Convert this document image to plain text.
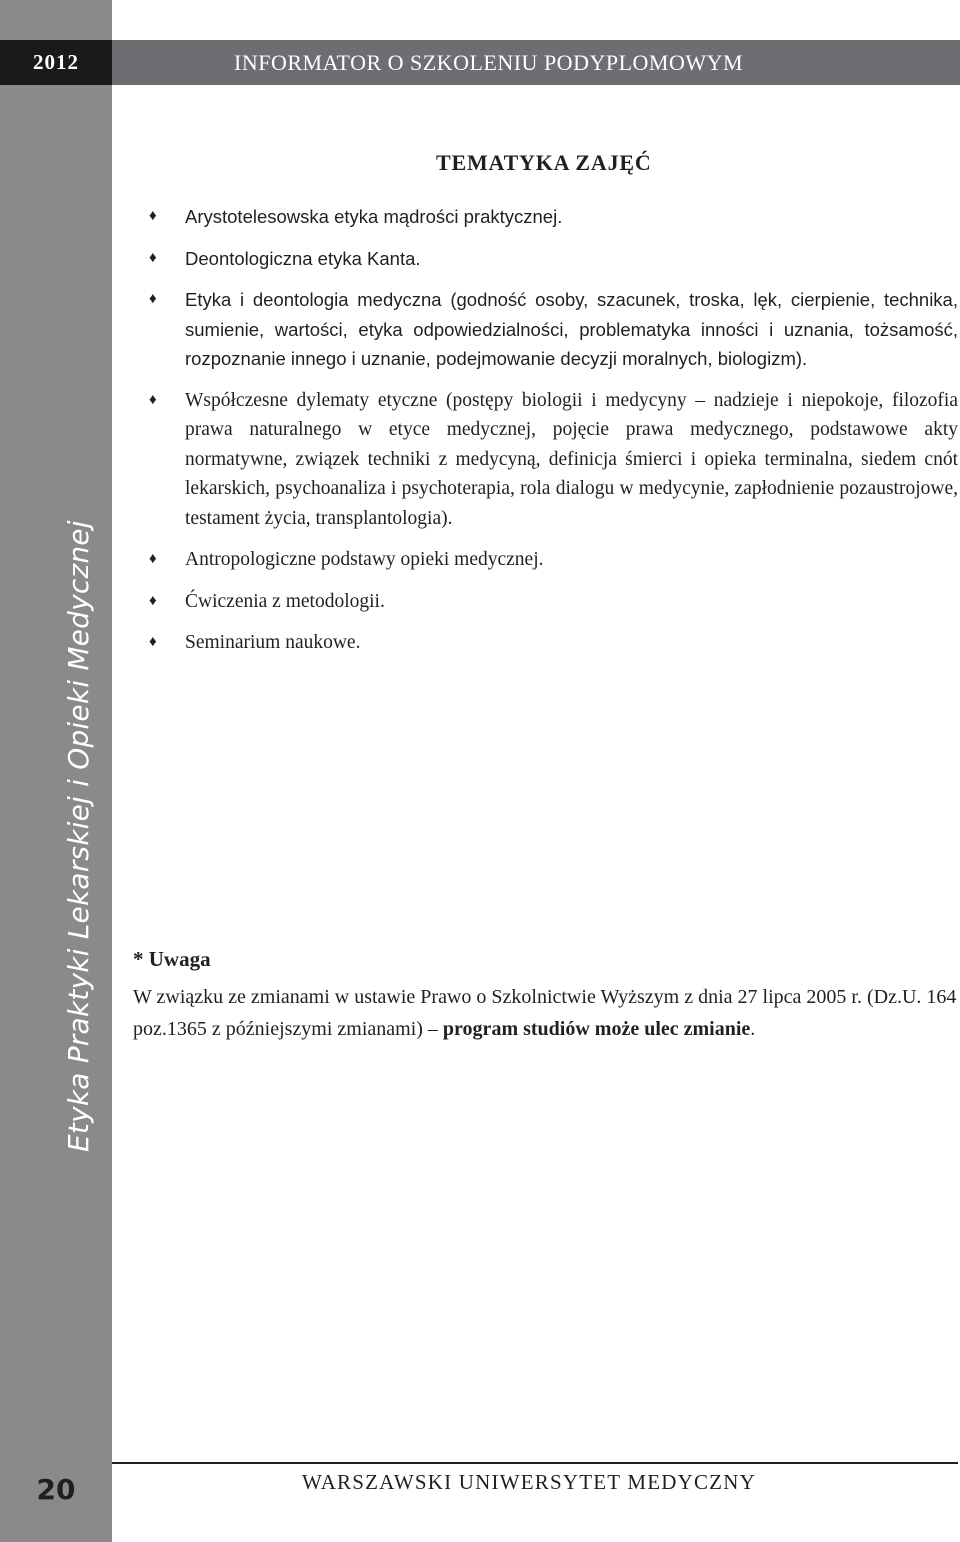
2012	INFORMATOR O SZKOLENIU PODYPLOMOWYM
Etyka Praktyki Lekarskiej i Opieki Medycznej
20
TEMATYKA ZAJĘĆ
♦ Arystotelesowska etyka mądrości praktycznej.
♦ Deontologiczna etyka Kanta.
♦ Etyka i deontologia medyczna (godność osoby, szacunek, troska, lęk, cierpienie, technika, sumienie, wartości, etyka odpowiedzialności, problematyka inności i uznania, tożsamość, rozpoznanie innego i uznanie, podejmowanie decyzji moralnych, biologizm).
♦ Współczesne dylematy etyczne (postępy biologii i medycyny – nadzieje i niepokoje, filozofia prawa naturalnego w etyce medycznej, pojęcie prawa medycznego, podstawowe akty normatywne, związek techniki z medycyną, definicja śmierci i opieka terminalna, siedem cnót lekarskich, psychoanaliza i psychoterapia, rola dialogu w medycynie, zapłodnienie pozaustrojowe, testament życia, transplantologia).
♦ Antropologiczne podstawy opieki medycznej.
♦ Ćwiczenia z metodologii.
♦ Seminarium naukowe.
* Uwaga
W związku ze zmianami w ustawie Prawo o Szkolnictwie Wyższym z dnia 27 lipca 2005 r. (Dz.U. 164 poz.1365 z późniejszymi zmianami) – program studiów może ulec zmianie.
WARSZAWSKI UNIWERSYTET MEDYCZNY
